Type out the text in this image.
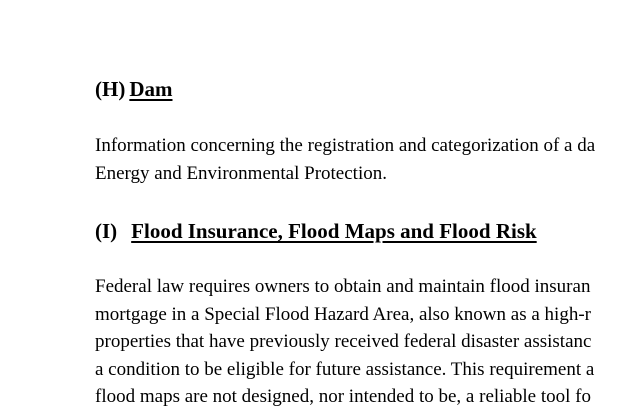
(H) Dam
Information concerning the registration and categorization of a da
Energy and Environmental Protection.
(I) Flood Insurance, Flood Maps and Flood Risk
Federal law requires owners to obtain and maintain flood insuran
mortgage in a Special Flood Hazard Area, also known as a high-r
properties that have previously received federal disaster assistanc
a condition to be eligible for future assistance. This requirement a
flood maps are not designed, nor intended to be, a reliable tool fo
